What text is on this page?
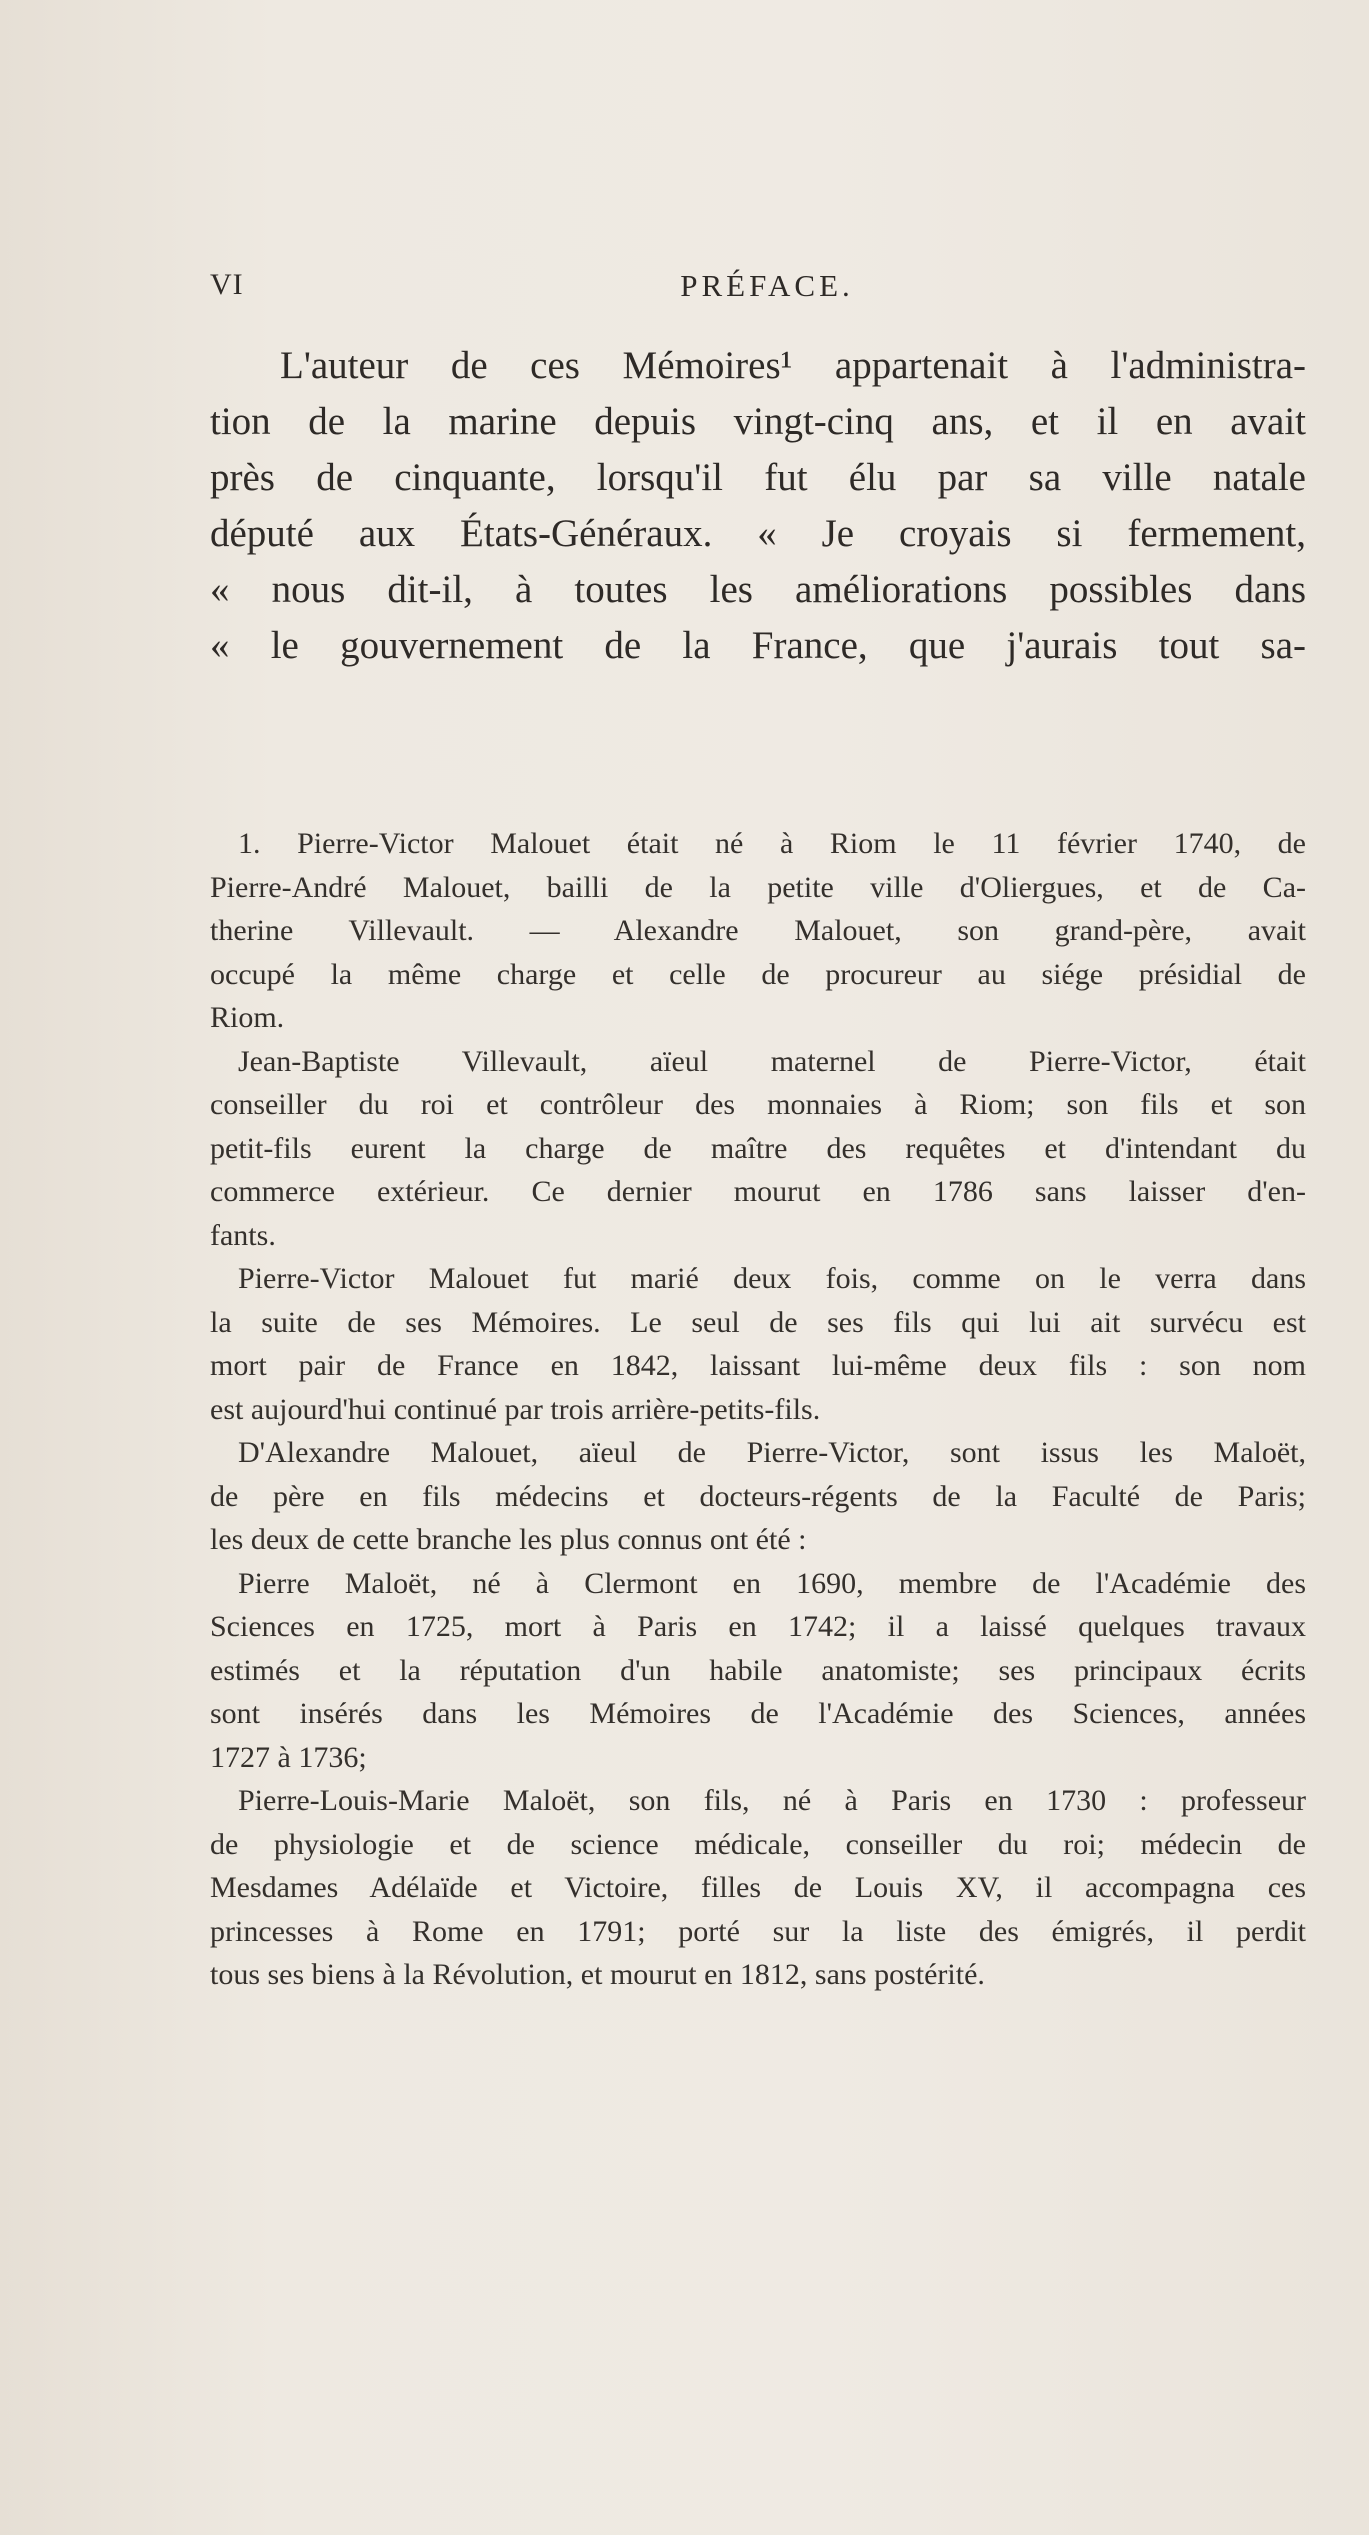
VI	PRÉFACE.

L'auteur de ces Mémoires¹ appartenait à l'administra-
tion de la marine depuis vingt-cinq ans, et il en avait
près de cinquante, lorsqu'il fut élu par sa ville natale
député aux États-Généraux. « Je croyais si fermement,
« nous dit-il, à toutes les améliorations possibles dans
« le gouvernement de la France, que j'aurais tout sa-

1. Pierre-Victor Malouet était né à Riom le 11 février 1740, de
Pierre-André Malouet, bailli de la petite ville d'Oliergues, et de Ca-
therine Villevault. — Alexandre Malouet, son grand-père, avait
occupé la même charge et celle de procureur au siége présidial de
Riom.

Jean-Baptiste Villevault, aïeul maternel de Pierre-Victor, était
conseiller du roi et contrôleur des monnaies à Riom; son fils et son
petit-fils eurent la charge de maître des requêtes et d'intendant du
commerce extérieur. Ce dernier mourut en 1786 sans laisser d'en-
fants.

Pierre-Victor Malouet fut marié deux fois, comme on le verra dans
la suite de ses Mémoires. Le seul de ses fils qui lui ait survécu est
mort pair de France en 1842, laissant lui-même deux fils : son nom
est aujourd'hui continué par trois arrière-petits-fils.

D'Alexandre Malouet, aïeul de Pierre-Victor, sont issus les Maloët,
de père en fils médecins et docteurs-régents de la Faculté de Paris;
les deux de cette branche les plus connus ont été :

Pierre Maloët, né à Clermont en 1690, membre de l'Académie des
Sciences en 1725, mort à Paris en 1742; il a laissé quelques travaux
estimés et la réputation d'un habile anatomiste; ses principaux écrits
sont insérés dans les Mémoires de l'Académie des Sciences, années
1727 à 1736;

Pierre-Louis-Marie Maloët, son fils, né à Paris en 1730 : professeur
de physiologie et de science médicale, conseiller du roi; médecin de
Mesdames Adélaïde et Victoire, filles de Louis XV, il accompagna ces
princesses à Rome en 1791; porté sur la liste des émigrés, il perdit
tous ses biens à la Révolution, et mourut en 1812, sans postérité.
